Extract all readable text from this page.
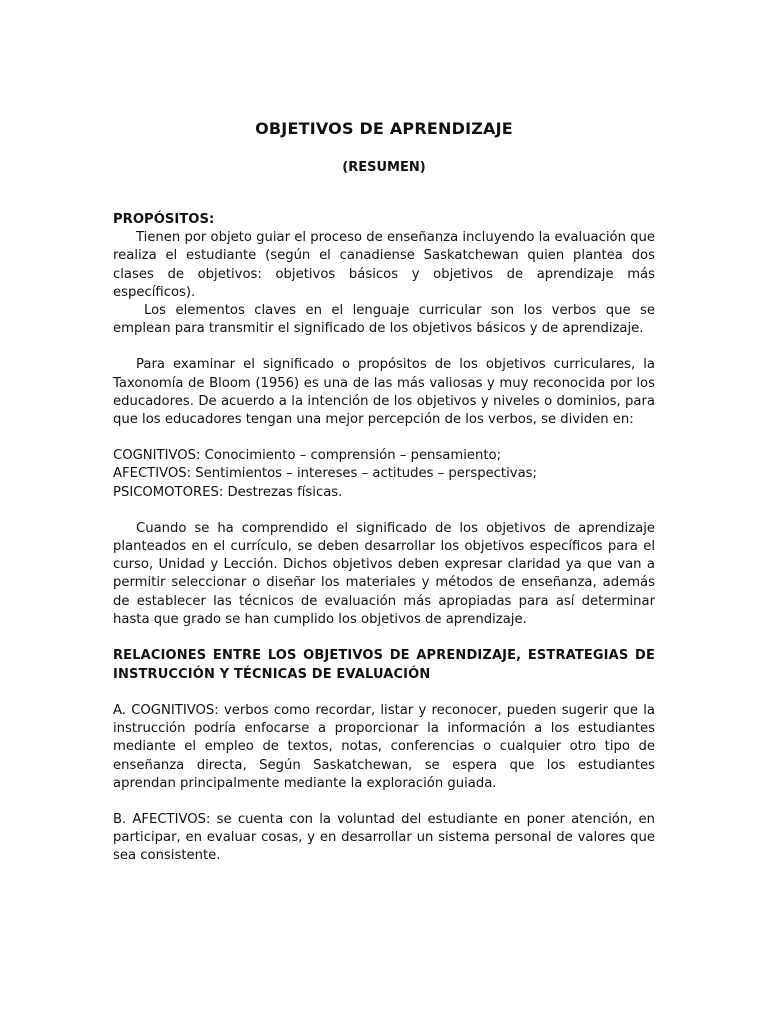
OBJETIVOS DE APRENDIZAJE
(RESUMEN)

PROPÓSITOS:

Tienen por objeto guiar el proceso de enseñanza incluyendo la evaluación que realiza el estudiante (según el canadiense Saskatchewan quien plantea dos clases de objetivos: objetivos básicos y objetivos de aprendizaje más específicos).

Los elementos claves en el lenguaje curricular son los verbos que se emplean para transmitir el significado de los objetivos básicos y de aprendizaje.

Para examinar el significado o propósitos de los objetivos curriculares, la Taxonomía de Bloom (1956) es una de las más valiosas y muy reconocida por los educadores. De acuerdo a la intención de los objetivos y niveles o dominios, para que los educadores tengan una mejor percepción de los verbos, se dividen en:

COGNITIVOS: Conocimiento – comprensión – pensamiento;

AFECTIVOS: Sentimientos – intereses – actitudes – perspectivas;

PSICOMOTORES: Destrezas físicas.

Cuando se ha comprendido el significado de los objetivos de aprendizaje planteados en el currículo, se deben desarrollar los objetivos específicos para el curso, Unidad y Lección. Dichos objetivos deben expresar claridad ya que van a permitir seleccionar o diseñar los materiales y métodos de enseñanza, además de establecer las técnicos de evaluación más apropiadas para así determinar hasta que grado se han cumplido los objetivos de aprendizaje.

RELACIONES ENTRE LOS OBJETIVOS DE APRENDIZAJE, ESTRATEGIAS DE INSTRUCCIÓN Y TÉCNICAS DE EVALUACIÓN

A. COGNITIVOS: verbos como recordar, listar y reconocer, pueden sugerir que la instrucción podría enfocarse a proporcionar la información a los estudiantes mediante el empleo de textos, notas, conferencias o cualquier otro tipo de enseñanza directa, Según Saskatchewan, se espera que los estudiantes aprendan principalmente mediante la exploración guiada.

B. AFECTIVOS: se cuenta con la voluntad del estudiante en poner atención, en participar, en evaluar cosas, y en desarrollar un sistema personal de valores que sea consistente.
